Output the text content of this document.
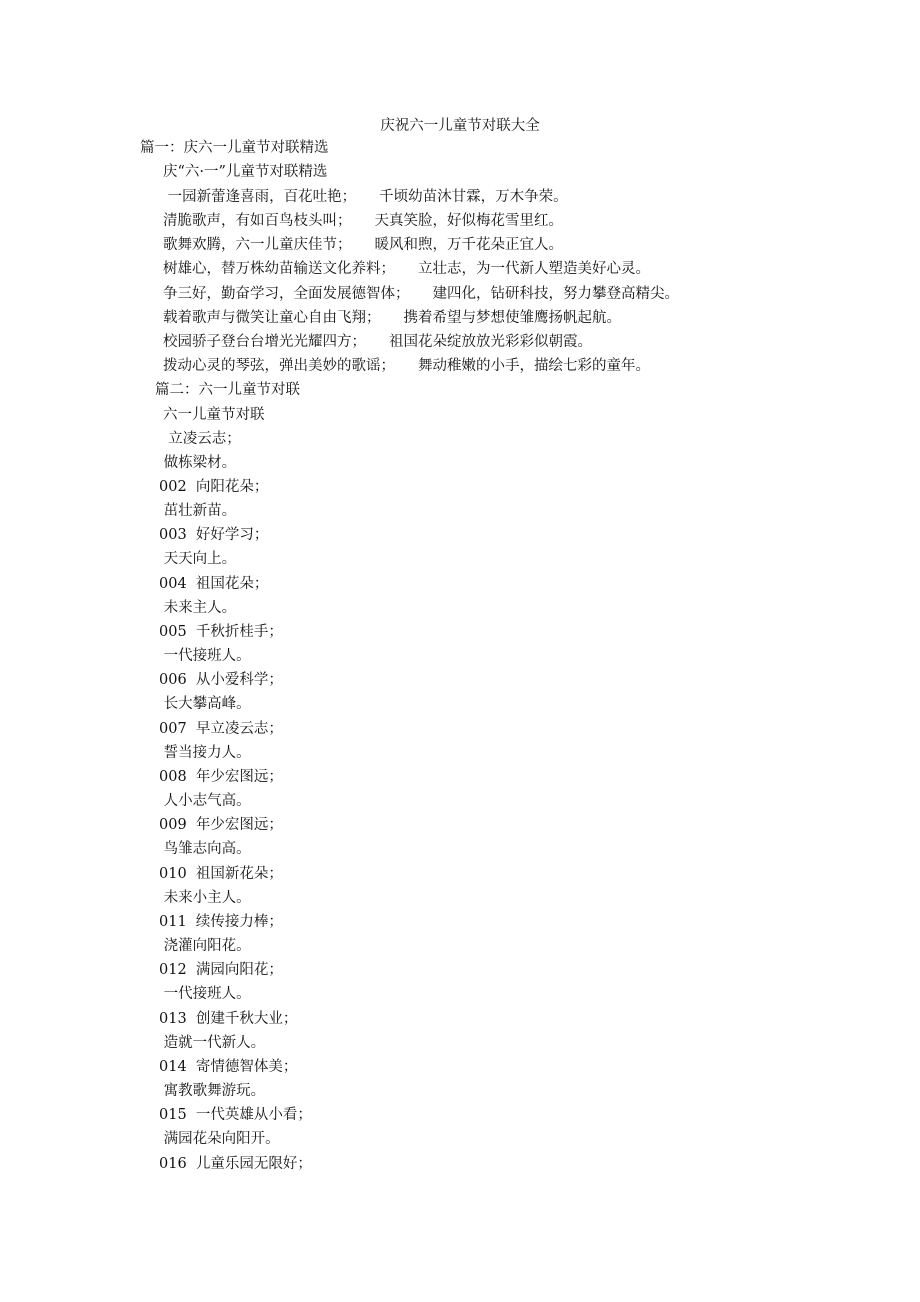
庆祝六一儿童节对联大全
篇一：庆六一儿童节对联精选
庆“六·一”儿童节对联精选
一园新蕾逢喜雨，百花吐艳；     千顷幼苗沐甘霖，万木争荣。
清脆歌声，有如百鸟枝头叫；     天真笑脸，好似梅花雪里红。
歌舞欢腾，六一儿童庆佳节；     暖风和煦，万千花朵正宜人。
树雄心，替万株幼苗输送文化养料；     立壮志，为一代新人塑造美好心灵。
争三好，勤奋学习，全面发展德智体；     建四化，钻研科技，努力攀登高精尖。
载着歌声与微笑让童心自由飞翔；     携着希望与梦想使雏鹰扬帆起航。
校园骄子登台台增光光耀四方；     祖国花朵绽放放光彩彩似朝霞。
拨动心灵的琴弦，弹出美妙的歌谣；     舞动稚嫩的小手，描绘七彩的童年。
篇二：六一儿童节对联
六一儿童节对联
立凌云志；
做栋梁材。
002  向阳花朵；
茁壮新苗。
003  好好学习；
天天向上。
004  祖国花朵；
未来主人。
005  千秋折桂手；
一代接班人。
006  从小爱科学；
长大攀高峰。
007  早立凌云志；
誓当接力人。
008  年少宏图远；
人小志气高。
009  年少宏图远；
鸟雏志向高。
010  祖国新花朵；
未来小主人。
011  续传接力棒；
浇灌向阳花。
012  满园向阳花；
一代接班人。
013  创建千秋大业；
造就一代新人。
014  寄情德智体美；
寓教歌舞游玩。
015  一代英雄从小看；
满园花朵向阳开。
016  儿童乐园无限好；
